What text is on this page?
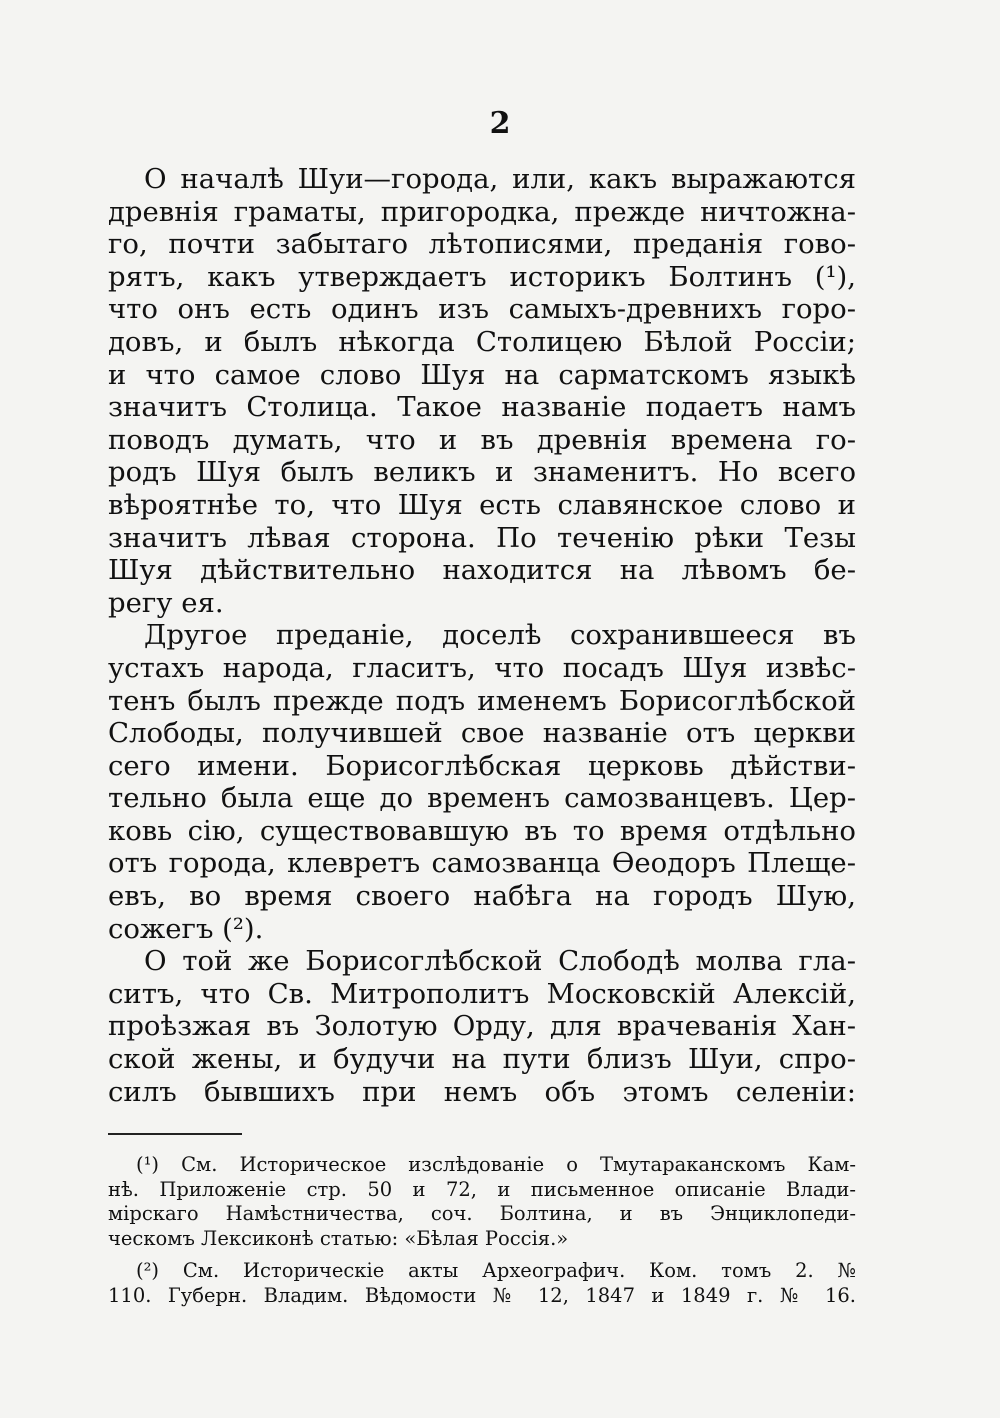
2
О началѣ Шуи—города, или, какъ выражаются
древнія граматы, пригородка, прежде ничтожна-
го, почти забытаго лѣтописями, преданія гово-
рятъ, какъ утверждаетъ историкъ Болтинъ (¹),
что онъ есть одинъ изъ самыхъ-древнихъ горо-
довъ, и былъ нѣкогда Столицею Бѣлой Россіи;
и что самое слово Шуя на сарматскомъ языкѣ
значитъ Столица. Такое названіе подаетъ намъ
поводъ думать, что и въ древнія времена го-
родъ Шуя былъ великъ и знаменитъ. Но всего
вѣроятнѣе то, что Шуя есть славянское слово и
значитъ лѣвая сторона. По теченію рѣки Тезы
Шуя дѣйствительно находится на лѣвомъ бе-
регу ея.
Другое преданіе, доселѣ сохранившееся въ
устахъ народа, гласитъ, что посадъ Шуя извѣс-
тенъ былъ прежде подъ именемъ Борисоглѣбской
Слободы, получившей свое названіе отъ церкви
сего имени. Борисоглѣбская церковь дѣйстви-
тельно была еще до временъ самозванцевъ. Цер-
ковь сію, существовавшую въ то время отдѣльно
отъ города, клевретъ самозванца Ѳеодоръ Плеще-
евъ, во время своего набѣга на городъ Шую,
сожегъ (²).
О той же Борисоглѣбской Слободѣ молва гла-
ситъ, что Св. Митрополитъ Московскій Алексій,
проѣзжая въ Золотую Орду, для врачеванія Хан-
ской жены, и будучи на пути близъ Шуи, спро-
силъ бывшихъ при немъ объ этомъ селеніи:
(¹) См. Историческое изслѣдованіе о Тмутараканскомъ Кам-
нѣ. Приложеніе стр. 50 и 72, и письменное описаніе Влади-
мірскаго Намѣстничества, соч. Болтина, и въ Энциклопеди-
ческомъ Лексиконѣ статью: «Бѣлая Россія.»
(²) См. Историческіе акты Археографич. Ком. томъ 2. №
110. Губерн. Владим. Вѣдомости № 12, 1847 и 1849 г. № 16.
